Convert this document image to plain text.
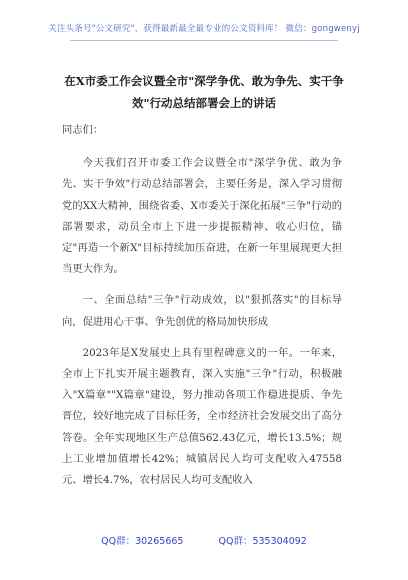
关注头条号"公文研究"，获得最新最全最专业的公文资料库！ 微信：gongwenyj
在X市委工作会议暨全市"深学争优、敢为争先、实干争效"行动总结部署会上的讲话

同志们：

今天我们召开市委工作会议暨全市"深学争优、敢为争先、实干争效"行动总结部署会，主要任务是，深入学习贯彻党的XX大精神，围绕省委、X市委关于深化拓展"三争"行动的部署要求，动员全市上下进一步提振精神、收心归位，锚定"再造一个新X"目标持续加压奋进，在新一年里展现更大担当更大作为。

一、全面总结"三争"行动成效，以"狠抓落实"的目标导向，促进用心干事、争先创优的格局加快形成

2023年是X发展史上具有里程碑意义的一年。一年来，全市上下扎实开展主题教育，深入实施"三争"行动，积极融入"X篇章""X篇章"建设，努力推动各项工作稳进提质、争先晋位，较好地完成了目标任务，全市经济社会发展交出了高分答卷。全年实现地区生产总值562.43亿元，增长13.5%；规上工业增加值增长42%；城镇居民人均可支配收入47558元、增长4.7%，农村居民人均可支配收入

QQ群：30265665	QQ群：535304092
